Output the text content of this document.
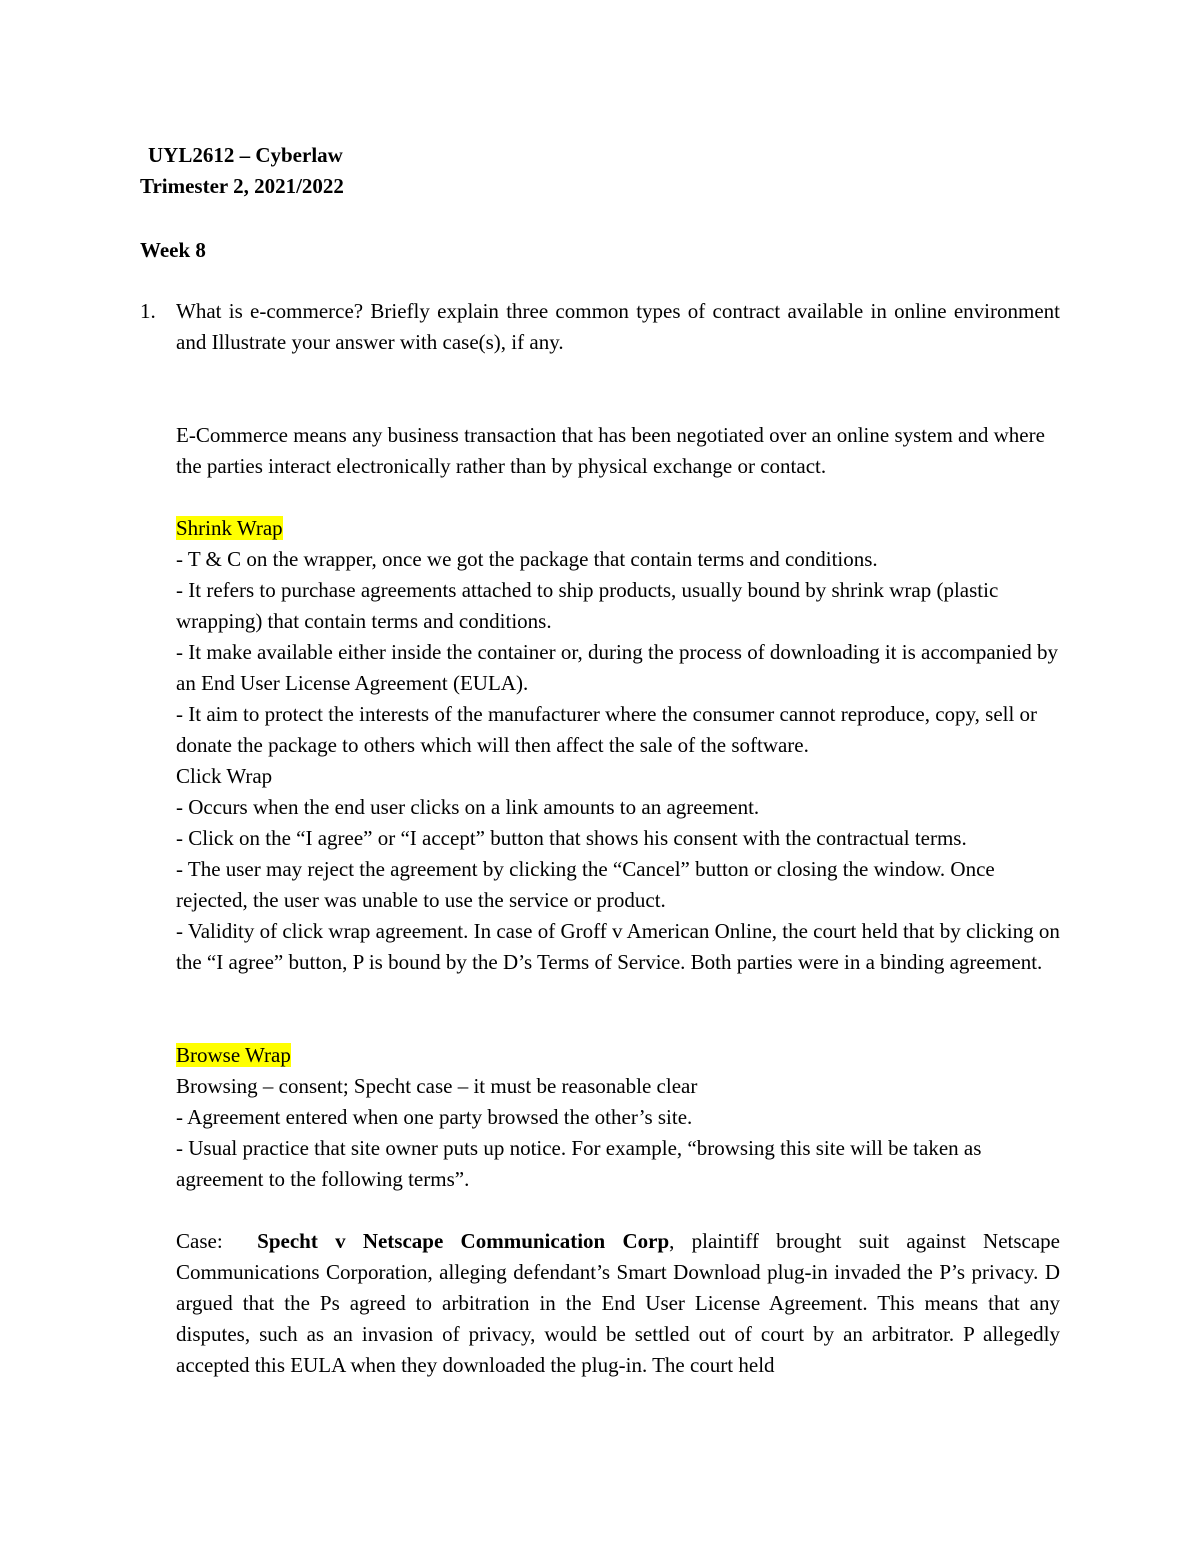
UYL2612 – Cyberlaw
Trimester 2, 2021/2022
Week 8
1. What is e-commerce? Briefly explain three common types of contract available in online environment and Illustrate your answer with case(s), if any.

E-Commerce means any business transaction that has been negotiated over an online system and where the parties interact electronically rather than by physical exchange or contact.

Shrink Wrap

- T & C on the wrapper, once we got the package that contain terms and conditions.

- It refers to purchase agreements attached to ship products, usually bound by shrink wrap (plastic wrapping) that contain terms and conditions.

- It make available either inside the container or, during the process of downloading it is accompanied by an End User License Agreement (EULA).

- It aim to protect the interests of the manufacturer where the consumer cannot reproduce, copy, sell or donate the package to others which will then affect the sale of the software.

Click Wrap

- Occurs when the end user clicks on a link amounts to an agreement.

- Click on the “I agree” or “I accept” button that shows his consent with the contractual terms.

- The user may reject the agreement by clicking the “Cancel” button or closing the window. Once rejected, the user was unable to use the service or product.

- Validity of click wrap agreement. In case of Groff v American Online, the court held that by clicking on the “I agree” button, P is bound by the D’s Terms of Service. Both parties were in a binding agreement.

Browse Wrap

Browsing – consent; Specht case – it must be reasonable clear

- Agreement entered when one party browsed the other’s site.

- Usual practice that site owner puts up notice. For example, “browsing this site will be taken as agreement to the following terms”.

Case: Specht v Netscape Communication Corp, plaintiff brought suit against Netscape Communications Corporation, alleging defendant’s Smart Download plug-in invaded the P’s privacy. D argued that the Ps agreed to arbitration in the End User License Agreement. This means that any disputes, such as an invasion of privacy, would be settled out of court by an arbitrator. P allegedly accepted this EULA when they downloaded the plug-in. The court held
